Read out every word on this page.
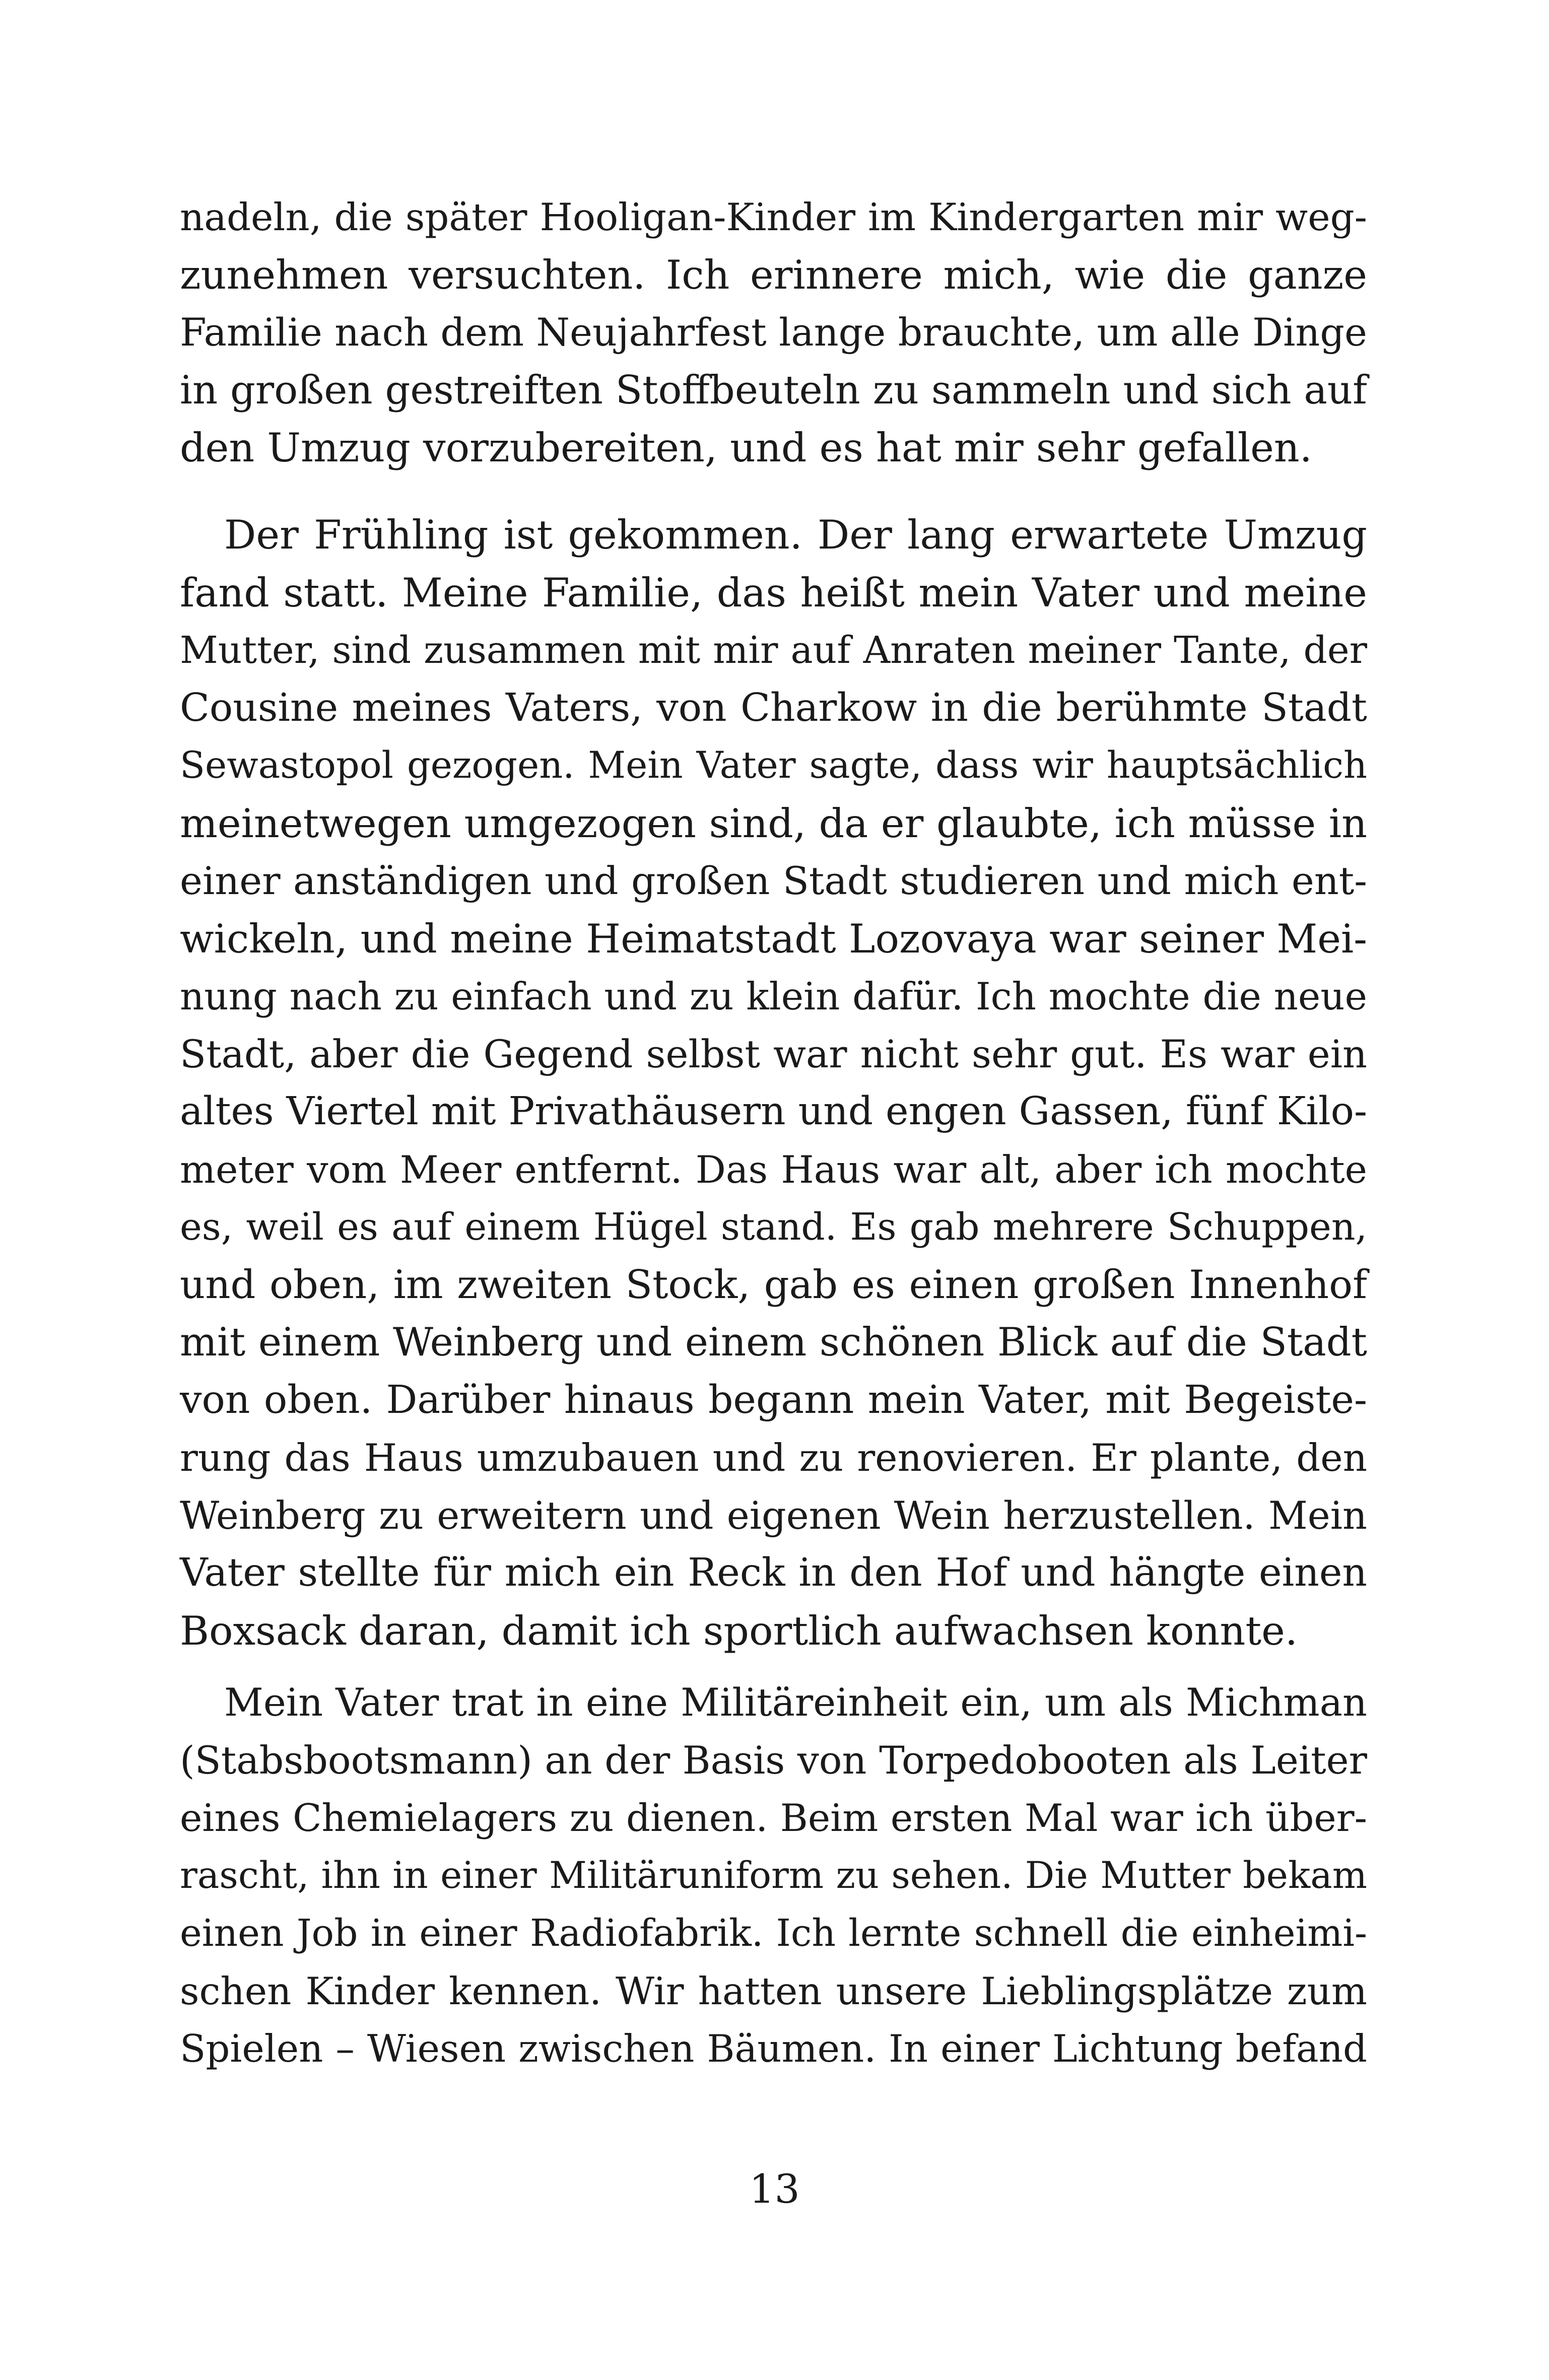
nadeln, die später Hooligan-Kinder im Kindergarten mir weg-
zunehmen versuchten. Ich erinnere mich, wie die ganze
Familie nach dem Neujahrfest lange brauchte, um alle Dinge
in großen gestreiften Stoffbeuteln zu sammeln und sich auf
den Umzug vorzubereiten, und es hat mir sehr gefallen.
Der Frühling ist gekommen. Der lang erwartete Umzug
fand statt. Meine Familie, das heißt mein Vater und meine
Mutter, sind zusammen mit mir auf Anraten meiner Tante, der
Cousine meines Vaters, von Charkow in die berühmte Stadt
Sewastopol gezogen. Mein Vater sagte, dass wir hauptsächlich
meinetwegen umgezogen sind, da er glaubte, ich müsse in
einer anständigen und großen Stadt studieren und mich ent-
wickeln, und meine Heimatstadt Lozovaya war seiner Mei-
nung nach zu einfach und zu klein dafür. Ich mochte die neue
Stadt, aber die Gegend selbst war nicht sehr gut. Es war ein
altes Viertel mit Privathäusern und engen Gassen, fünf Kilo-
meter vom Meer entfernt. Das Haus war alt, aber ich mochte
es, weil es auf einem Hügel stand. Es gab mehrere Schuppen,
und oben, im zweiten Stock, gab es einen großen Innenhof
mit einem Weinberg und einem schönen Blick auf die Stadt
von oben. Darüber hinaus begann mein Vater, mit Begeiste-
rung das Haus umzubauen und zu renovieren. Er plante, den
Weinberg zu erweitern und eigenen Wein herzustellen. Mein
Vater stellte für mich ein Reck in den Hof und hängte einen
Boxsack daran, damit ich sportlich aufwachsen konnte.
Mein Vater trat in eine Militäreinheit ein, um als Michman
(Stabsbootsmann) an der Basis von Torpedobooten als Leiter
eines Chemielagers zu dienen. Beim ersten Mal war ich über-
rascht, ihn in einer Militäruniform zu sehen. Die Mutter bekam
einen Job in einer Radiofabrik. Ich lernte schnell die einheimi-
schen Kinder kennen. Wir hatten unsere Lieblingsplätze zum
Spielen – Wiesen zwischen Bäumen. In einer Lichtung befand
13
